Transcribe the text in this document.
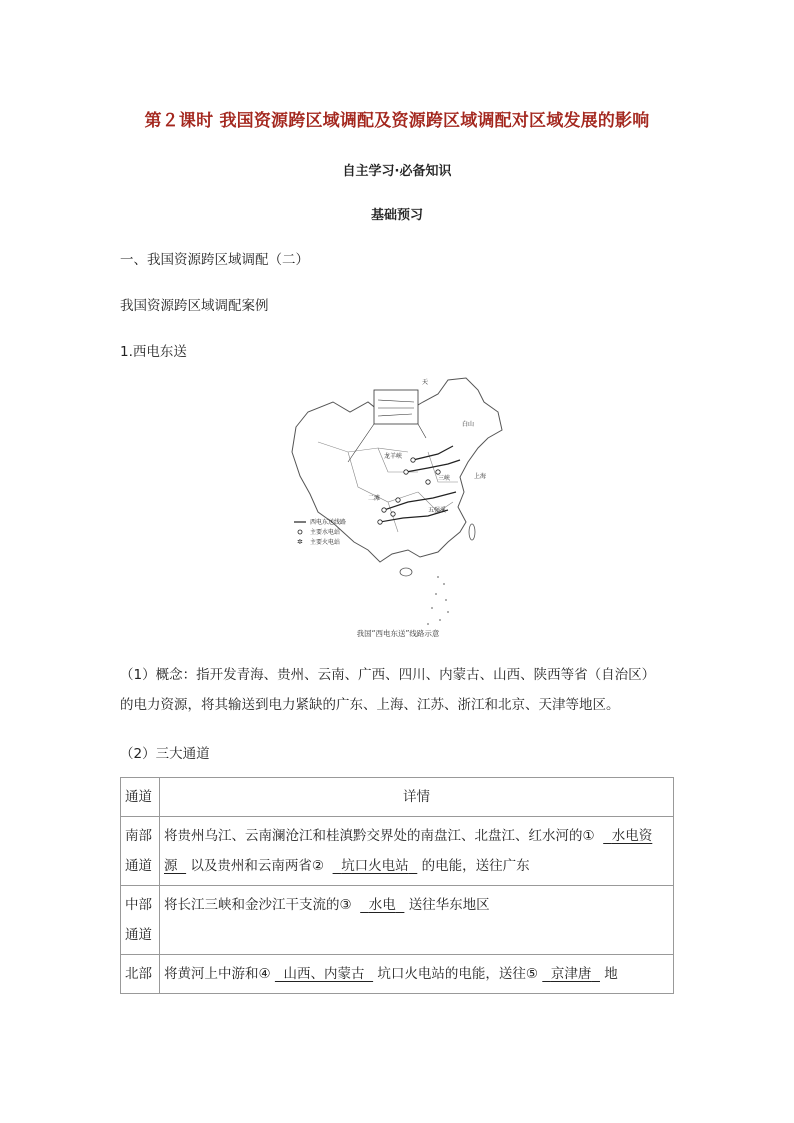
第２课时 我国资源跨区域调配及资源跨区域调配对区域发展的影响
自主学习·必备知识
基础预习
一、我国资源跨区域调配（二）
我国资源跨区域调配案例
1.西电东送
天
白山
上海
二滩
五强溪
三峡
龙羊峡
西电东送线路
主要水电站
✲ 主要火电站
我国“西电东送”线路示意
（1）概念：指开发青海、贵州、云南、广西、四川、内蒙古、山西、陕西等省（自治区）
的电力资源，将其输送到电力紧缺的广东、上海、江苏、浙江和北京、天津等地区。
（2）三大通道
通道	详情
南部通道	将贵州乌江、云南澜沧江和桂滇黔交界处的南盘江、北盘江、红水河的① 水电资源 以及贵州和云南两省② 坑口火电站 的电能，送往广东
中部通道	将长江三峡和金沙江干支流的③ 水电 送往华东地区
北部	将黄河上中游和④ 山西、内蒙古 坑口火电站的电能，送往⑤ 京津唐 地
